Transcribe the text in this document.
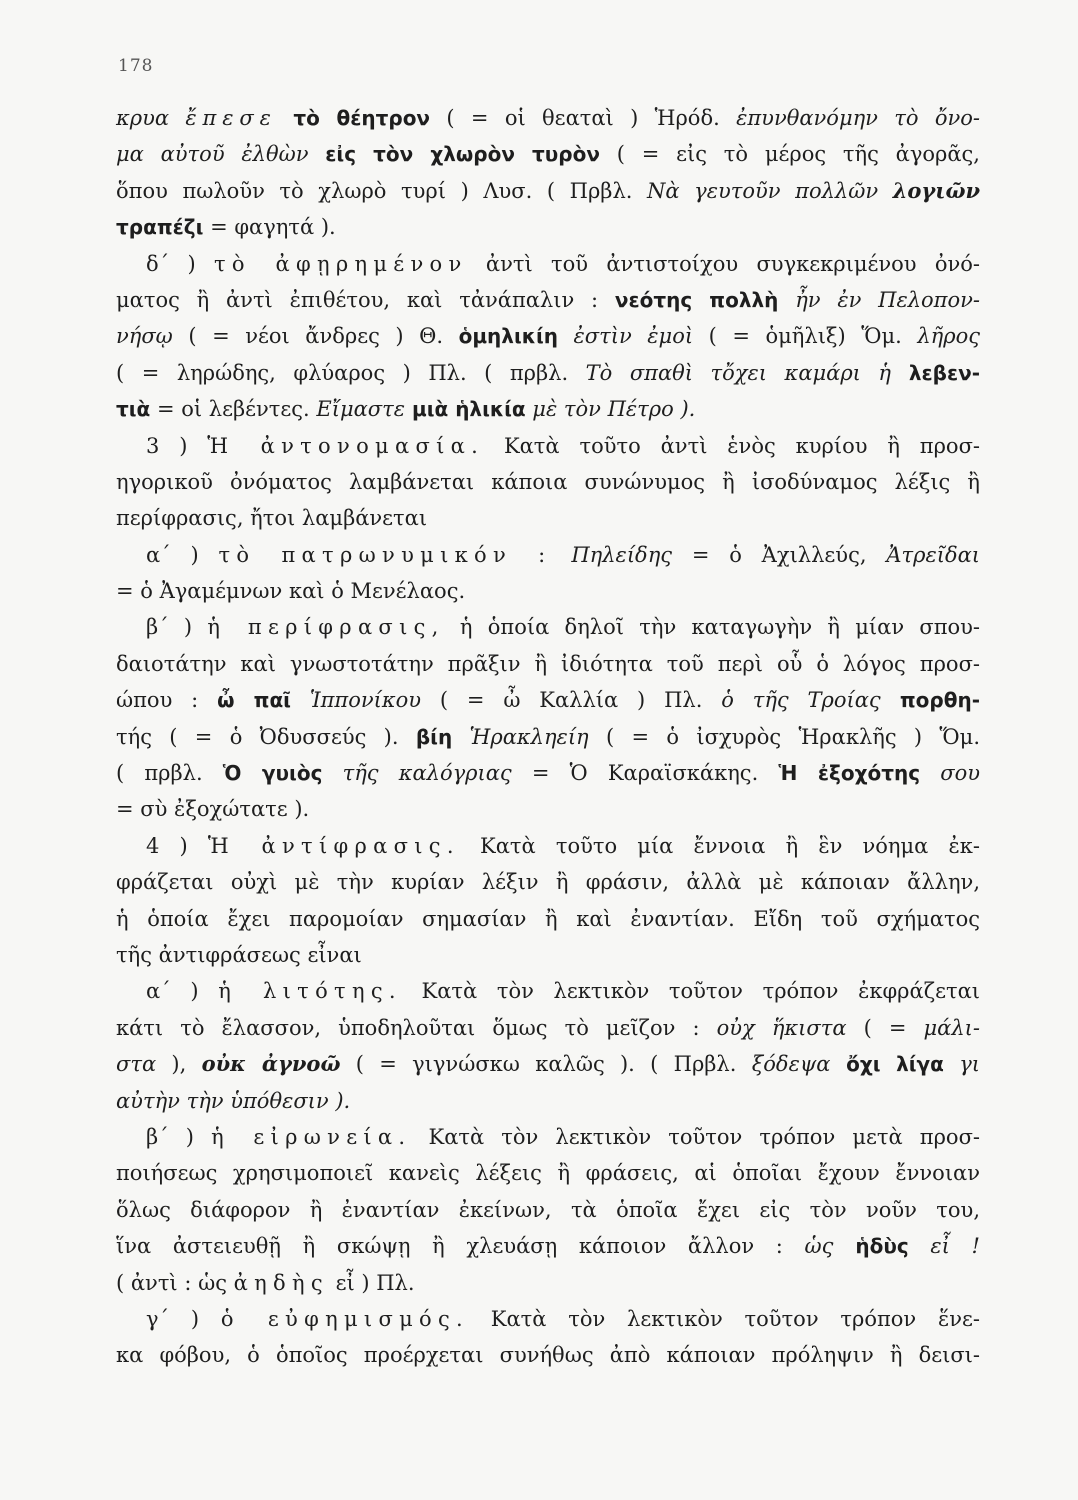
178
κρυα ἔπεσε τὸ θέητρον ( = οἱ θεαταὶ ) Ἡρόδ. ἐπυνθανόμην τὸ ὄνο-
μα αὐτοῦ ἐλθὼν εἰς τὸν χλωρὸν τυρὸν ( = εἰς τὸ μέρος τῆς ἀγορᾶς,
ὅπου πωλοῦν τὸ χλωρὸ τυρί ) Λυσ. ( Πρβλ. Νὰ γευτοῦν πολλῶν λογιῶν
τραπέζι = φαγητά ).
δ´ ) τὸ ἀφῃρημένον ἀντὶ τοῦ ἀντιστοίχου συγκεκριμένου ὀνό-
ματος ἢ ἀντὶ ἐπιθέτου, καὶ τἀνάπαλιν : νεότης πολλὴ ἦν ἐν Πελοπον-
νήσῳ ( = νέοι ἄνδρες ) Θ. ὁμηλικίη ἐστὶν ἐμοὶ ( = ὁμῆλιξ) Ὅμ. λῆρος
( = ληρώδης, φλύαρος ) Πλ. ( πρβλ. Τὸ σπαθὶ τὄχει καμάρι ἡ λεβεν-
τιὰ = οἱ λεβέντες. Εἴμαστε μιὰ ἡλικία μὲ τὸν Πέτρο ).
3 ) Ἡ ἀντονομασία. Κατὰ τοῦτο ἀντὶ ἑνὸς κυρίου ἢ προσ-
ηγορικοῦ ὀνόματος λαμβάνεται κάποια συνώνυμος ἢ ἰσοδύναμος λέξις ἢ
περίφρασις, ἤτοι λαμβάνεται
α´ ) τὸ πατρωνυμικόν : Πηλείδης = ὁ Ἀχιλλεύς, Ἀτρεῖδαι
= ὁ Ἀγαμέμνων καὶ ὁ Μενέλαος.
β´ ) ἡ περίφρασις, ἡ ὁποία δηλοῖ τὴν καταγωγὴν ἢ μίαν σπου-
δαιοτάτην καὶ γνωστοτάτην πρᾶξιν ἢ ἰδιότητα τοῦ περὶ οὗ ὁ λόγος προσ-
ώπου : ὦ παῖ Ἱππονίκου ( = ὦ Καλλία ) Πλ. ὁ τῆς Τροίας πορθη-
τής ( = ὁ Ὀδυσσεύς ). βίη Ἡρακληείη ( = ὁ ἰσχυρὸς Ἡρακλῆς ) Ὅμ.
( πρβλ. Ὁ γυιὸς τῆς καλόγριας = Ὁ Καραϊσκάκης. Ἡ ἐξοχότης σου
= σὺ ἐξοχώτατε ).
4 ) Ἡ ἀντίφρασις. Κατὰ τοῦτο μία ἔννοια ἢ ἓν νόημα ἐκ-
φράζεται οὐχὶ μὲ τὴν κυρίαν λέξιν ἢ φράσιν, ἀλλὰ μὲ κάποιαν ἄλλην,
ἡ ὁποία ἔχει παρομοίαν σημασίαν ἢ καὶ ἐναντίαν. Εἴδη τοῦ σχήματος
τῆς ἀντιφράσεως εἶναι
α´ ) ἡ λιτότης. Κατὰ τὸν λεκτικὸν τοῦτον τρόπον ἐκφράζεται
κάτι τὸ ἔλασσον, ὑποδηλοῦται ὅμως τὸ μεῖζον : οὐχ ἥκιστα ( = μάλι-
στα ), οὐκ ἀγνοῶ ( = γιγνώσκω καλῶς ). ( Πρβλ. ξόδεψα ὄχι λίγα γι
αὐτὴν τὴν ὑπόθεσιν ).
β´ ) ἡ εἰρωνεία. Κατὰ τὸν λεκτικὸν τοῦτον τρόπον μετὰ προσ-
ποιήσεως χρησιμοποιεῖ κανεὶς λέξεις ἢ φράσεις, αἱ ὁποῖαι ἔχουν ἔννοιαν
ὅλως διάφορον ἢ ἐναντίαν ἐκείνων, τὰ ὁποῖα ἔχει εἰς τὸν νοῦν του,
ἵνα ἀστειευθῇ ἢ σκώψῃ ἢ χλευάσῃ κάποιον ἄλλον : ὡς ἡδὺς εἶ !
( ἀντὶ : ὡς ἀηδὴς εἶ ) Πλ.
γ´ ) ὁ εὐφημισμός. Κατὰ τὸν λεκτικὸν τοῦτον τρόπον ἕνε-
κα φόβου, ὁ ὁποῖος προέρχεται συνήθως ἀπὸ κάποιαν πρόληψιν ἢ δεισι-
